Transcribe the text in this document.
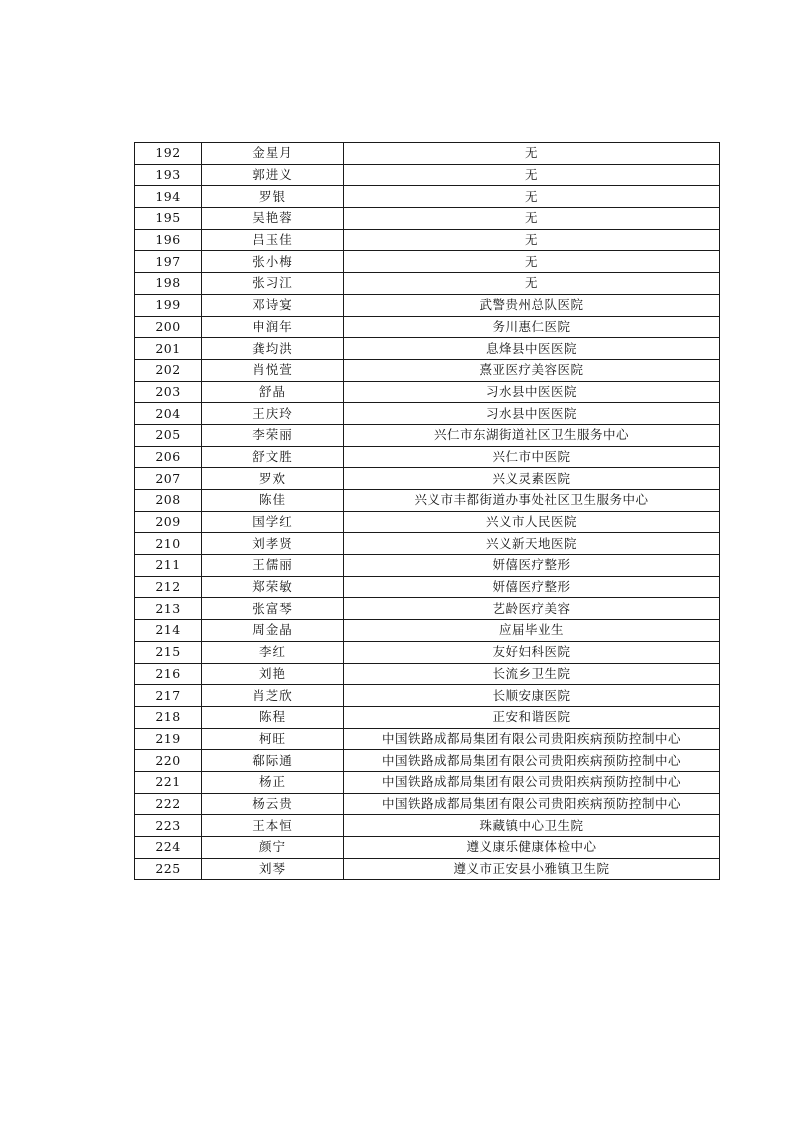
192	金星月	无
193	郭进义	无
194	罗银	无
195	吴艳蓉	无
196	吕玉佳	无
197	张小梅	无
198	张习江	无
199	邓诗宴	武警贵州总队医院
200	申润年	务川惠仁医院
201	龚均洪	息烽县中医医院
202	肖悦萱	熹亚医疗美容医院
203	舒晶	习水县中医医院
204	王庆玲	习水县中医医院
205	李荣丽	兴仁市东湖街道社区卫生服务中心
206	舒文胜	兴仁市中医院
207	罗欢	兴义灵素医院
208	陈佳	兴义市丰都街道办事处社区卫生服务中心
209	国学红	兴义市人民医院
210	刘孝贤	兴义新天地医院
211	王儒丽	妍僖医疗整形
212	郑荣敏	妍僖医疗整形
213	张富琴	艺龄医疗美容
214	周金晶	应届毕业生
215	李红	友好妇科医院
216	刘艳	长流乡卫生院
217	肖芝欣	长顺安康医院
218	陈程	正安和谐医院
219	柯旺	中国铁路成都局集团有限公司贵阳疾病预防控制中心
220	郗际通	中国铁路成都局集团有限公司贵阳疾病预防控制中心
221	杨正	中国铁路成都局集团有限公司贵阳疾病预防控制中心
222	杨云贵	中国铁路成都局集团有限公司贵阳疾病预防控制中心
223	王本恒	珠藏镇中心卫生院
224	颜宁	遵义康乐健康体检中心
225	刘琴	遵义市正安县小雅镇卫生院
